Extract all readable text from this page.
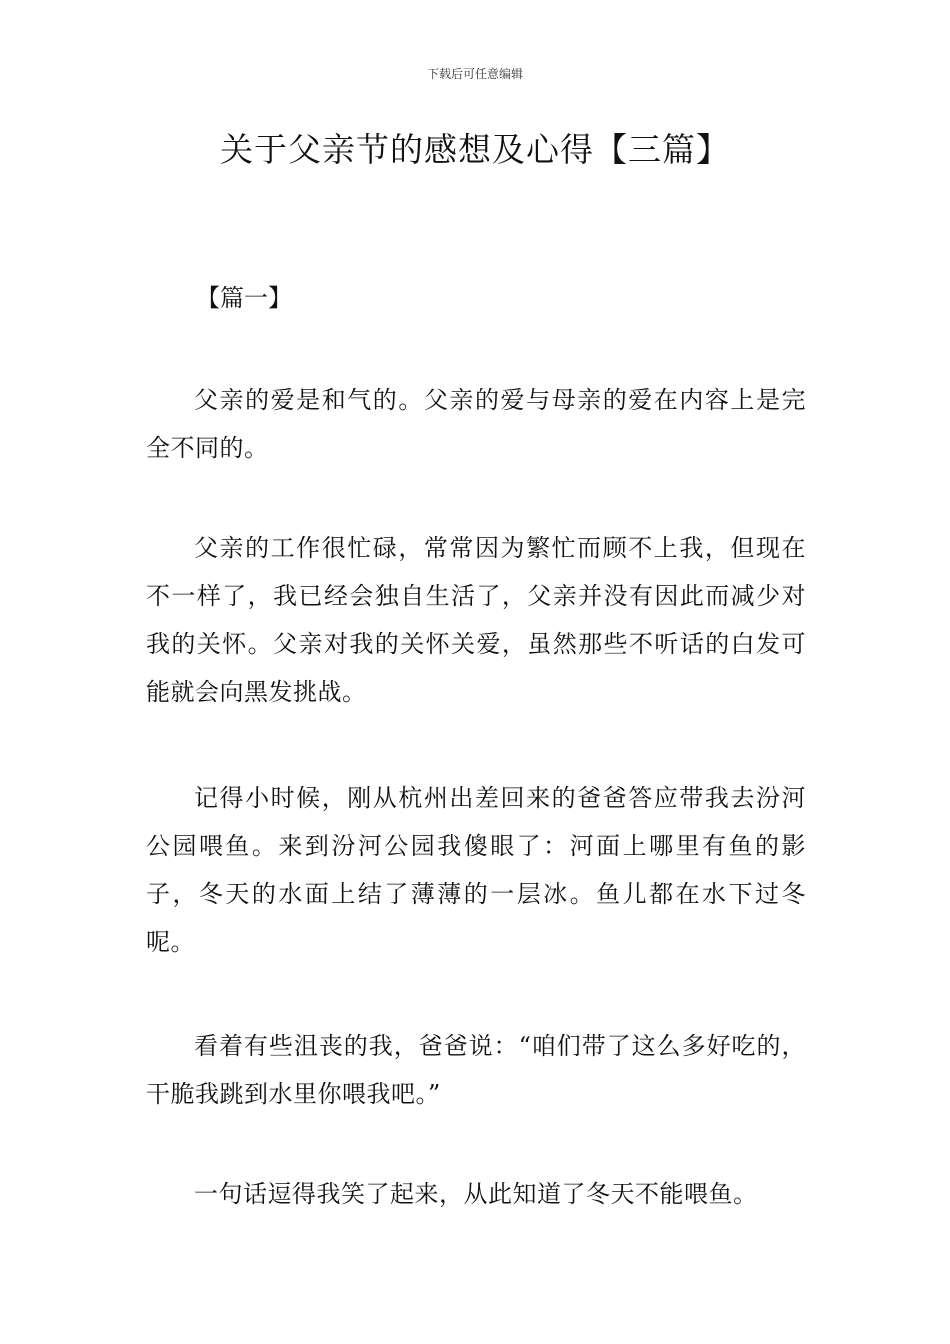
下载后可任意编辑
关于父亲节的感想及心得【三篇】
【篇一】

父亲的爱是和气的。父亲的爱与母亲的爱在内容上是完全不同的。

父亲的工作很忙碌，常常因为繁忙而顾不上我，但现在不一样了，我已经会独自生活了，父亲并没有因此而减少对我的关怀。父亲对我的关怀关爱，虽然那些不听话的白发可能就会向黑发挑战。

记得小时候，刚从杭州出差回来的爸爸答应带我去汾河公园喂鱼。来到汾河公园我傻眼了：河面上哪里有鱼的影子，冬天的水面上结了薄薄的一层冰。鱼儿都在水下过冬呢。

看着有些沮丧的我，爸爸说：“咱们带了这么多好吃的，干脆我跳到水里你喂我吧。”

一句话逗得我笑了起来，从此知道了冬天不能喂鱼。
